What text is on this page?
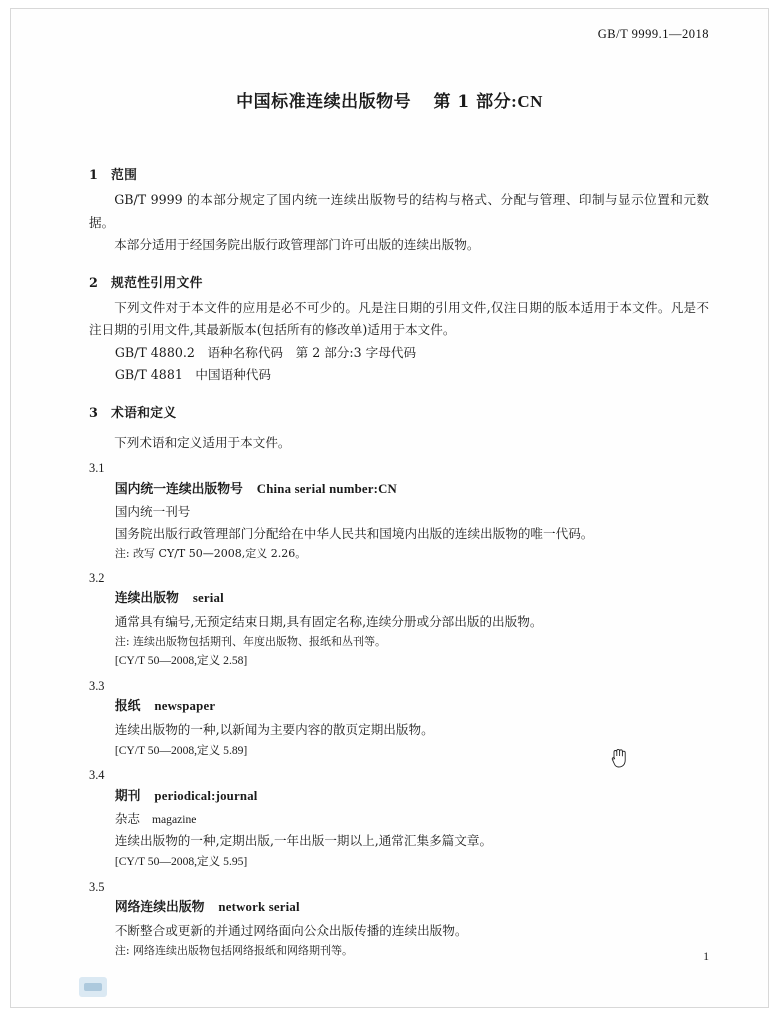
GB/T 9999.1—2018
中国标准连续出版物号 第 1 部分:CN
1 范围

GB/T 9999 的本部分规定了国内统一连续出版物号的结构与格式、分配与管理、印制与显示位置和元数据。

本部分适用于经国务院出版行政管理部门许可出版的连续出版物。

2 规范性引用文件

下列文件对于本文件的应用是必不可少的。凡是注日期的引用文件,仅注日期的版本适用于本文件。凡是不注日期的引用文件,其最新版本(包括所有的修改单)适用于本文件。

GB/T 4880.2　语种名称代码　第 2 部分:3 字母代码
GB/T 4881　中国语种代码
3 术语和定义

下列术语和定义适用于本文件。

3.1
国内统一连续出版物号 China serial number:CN
国内统一刊号
国务院出版行政管理部门分配给在中华人民共和国境内出版的连续出版物的唯一代码。
注: 改写 CY/T 50—2008,定义 2.26。
3.2
连续出版物 serial
通常具有编号,无预定结束日期,具有固定名称,连续分册或分部出版的出版物。
注: 连续出版物包括期刊、年度出版物、报纸和丛刊等。
[CY/T 50—2008,定义 2.58]
3.3
报纸 newspaper
连续出版物的一种,以新闻为主要内容的散页定期出版物。
[CY/T 50—2008,定义 5.89]
3.4
期刊 periodical:journal
杂志 magazine
连续出版物的一种,定期出版,一年出版一期以上,通常汇集多篇文章。
[CY/T 50—2008,定义 5.95]
3.5
网络连续出版物 network serial
不断整合或更新的并通过网络面向公众出版传播的连续出版物。
注: 网络连续出版物包括网络报纸和网络期刊等。
1
